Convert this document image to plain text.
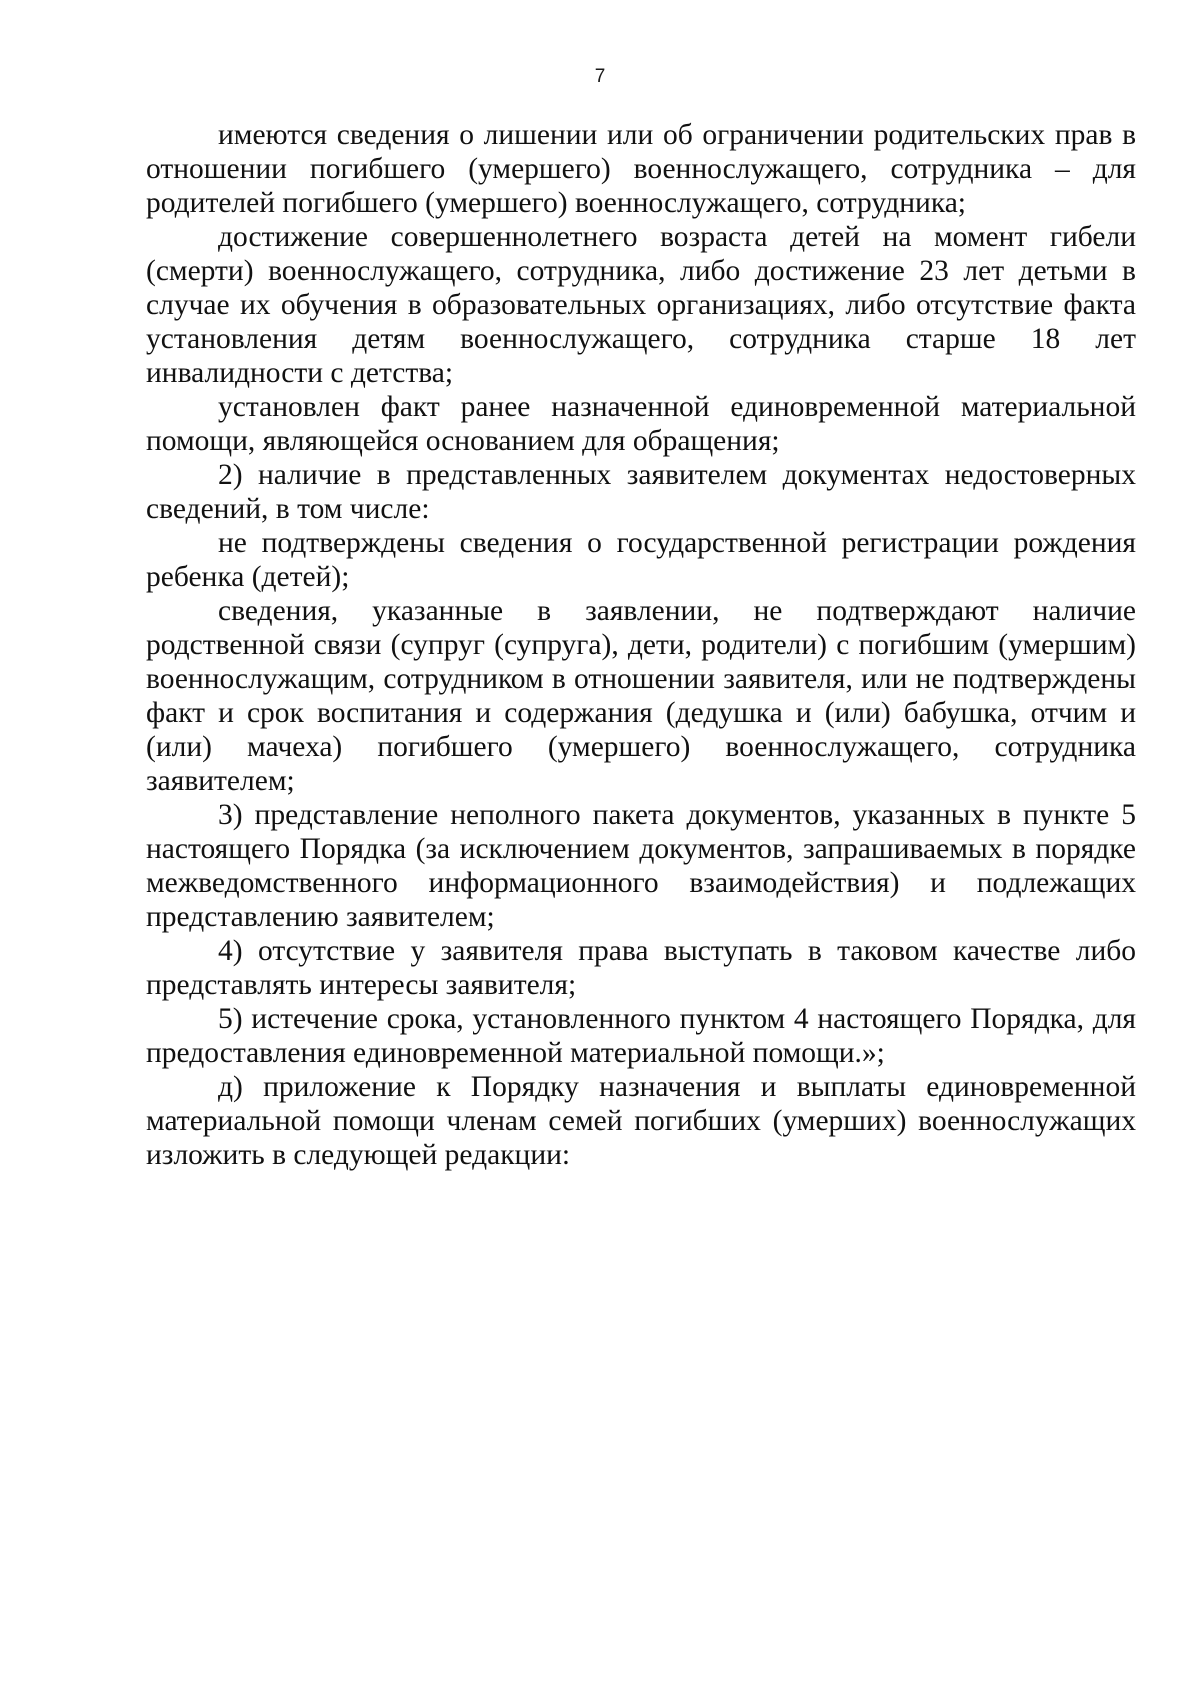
7

имеются сведения о лишении или об ограничении родительских прав в отношении погибшего (умершего) военнослужащего, сотрудника – для родителей погибшего (умершего) военнослужащего, сотрудника;

достижение совершеннолетнего возраста детей на момент гибели (смерти) военнослужащего, сотрудника, либо достижение 23 лет детьми в случае их обучения в образовательных организациях, либо отсутствие факта установления детям военнослужащего, сотрудника старше 18 лет инвалидности с детства;

установлен факт ранее назначенной единовременной материальной помощи, являющейся основанием для обращения;

2) наличие в представленных заявителем документах недостоверных сведений, в том числе:

не подтверждены сведения о государственной регистрации рождения ребенка (детей);

сведения, указанные в заявлении, не подтверждают наличие родственной связи (супруг (супруга), дети, родители) с погибшим (умершим) военнослужащим, сотрудником в отношении заявителя, или не подтверждены факт и срок воспитания и содержания (дедушка и (или) бабушка, отчим и (или) мачеха) погибшего (умершего) военнослужащего, сотрудника заявителем;

3) представление неполного пакета документов, указанных в пункте 5 настоящего Порядка (за исключением документов, запрашиваемых в порядке межведомственного информационного взаимодействия) и подлежащих представлению заявителем;

4) отсутствие у заявителя права выступать в таковом качестве либо представлять интересы заявителя;

5) истечение срока, установленного пунктом 4 настоящего Порядка, для предоставления единовременной материальной помощи.»;

д) приложение к Порядку назначения и выплаты единовременной материальной помощи членам семей погибших (умерших) военнослужащих изложить в следующей редакции:
